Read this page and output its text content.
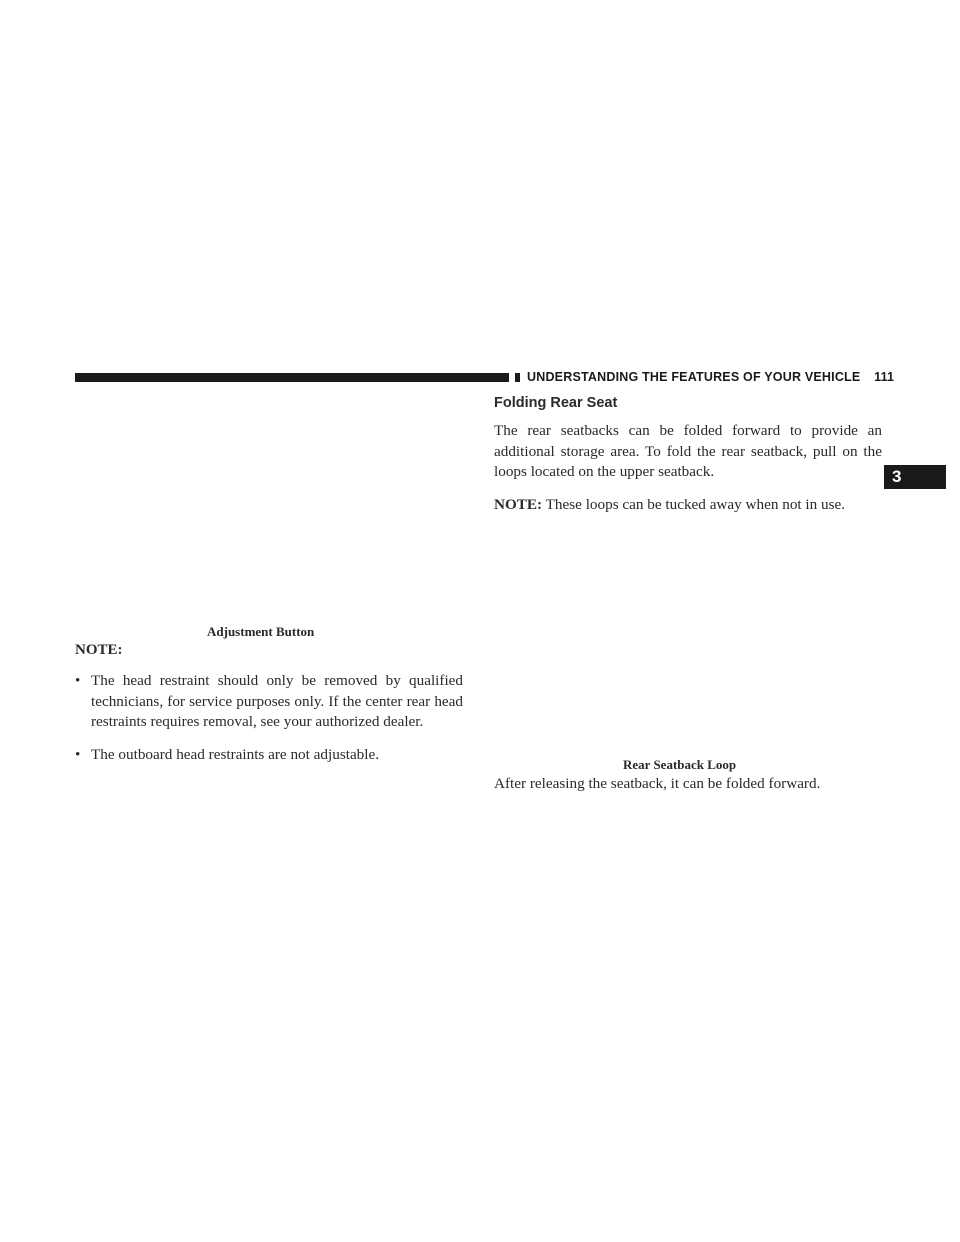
UNDERSTANDING THE FEATURES OF YOUR VEHICLE 111
3
Adjustment Button
NOTE:
• The head restraint should only be removed by qualified technicians, for service purposes only. If the center rear head restraints requires removal, see your authorized dealer.
• The outboard head restraints are not adjustable.
Folding Rear Seat

The rear seatbacks can be folded forward to provide an additional storage area. To fold the rear seatback, pull on the loops located on the upper seatback.

NOTE: These loops can be tucked away when not in use.

Rear Seatback Loop

After releasing the seatback, it can be folded forward.
